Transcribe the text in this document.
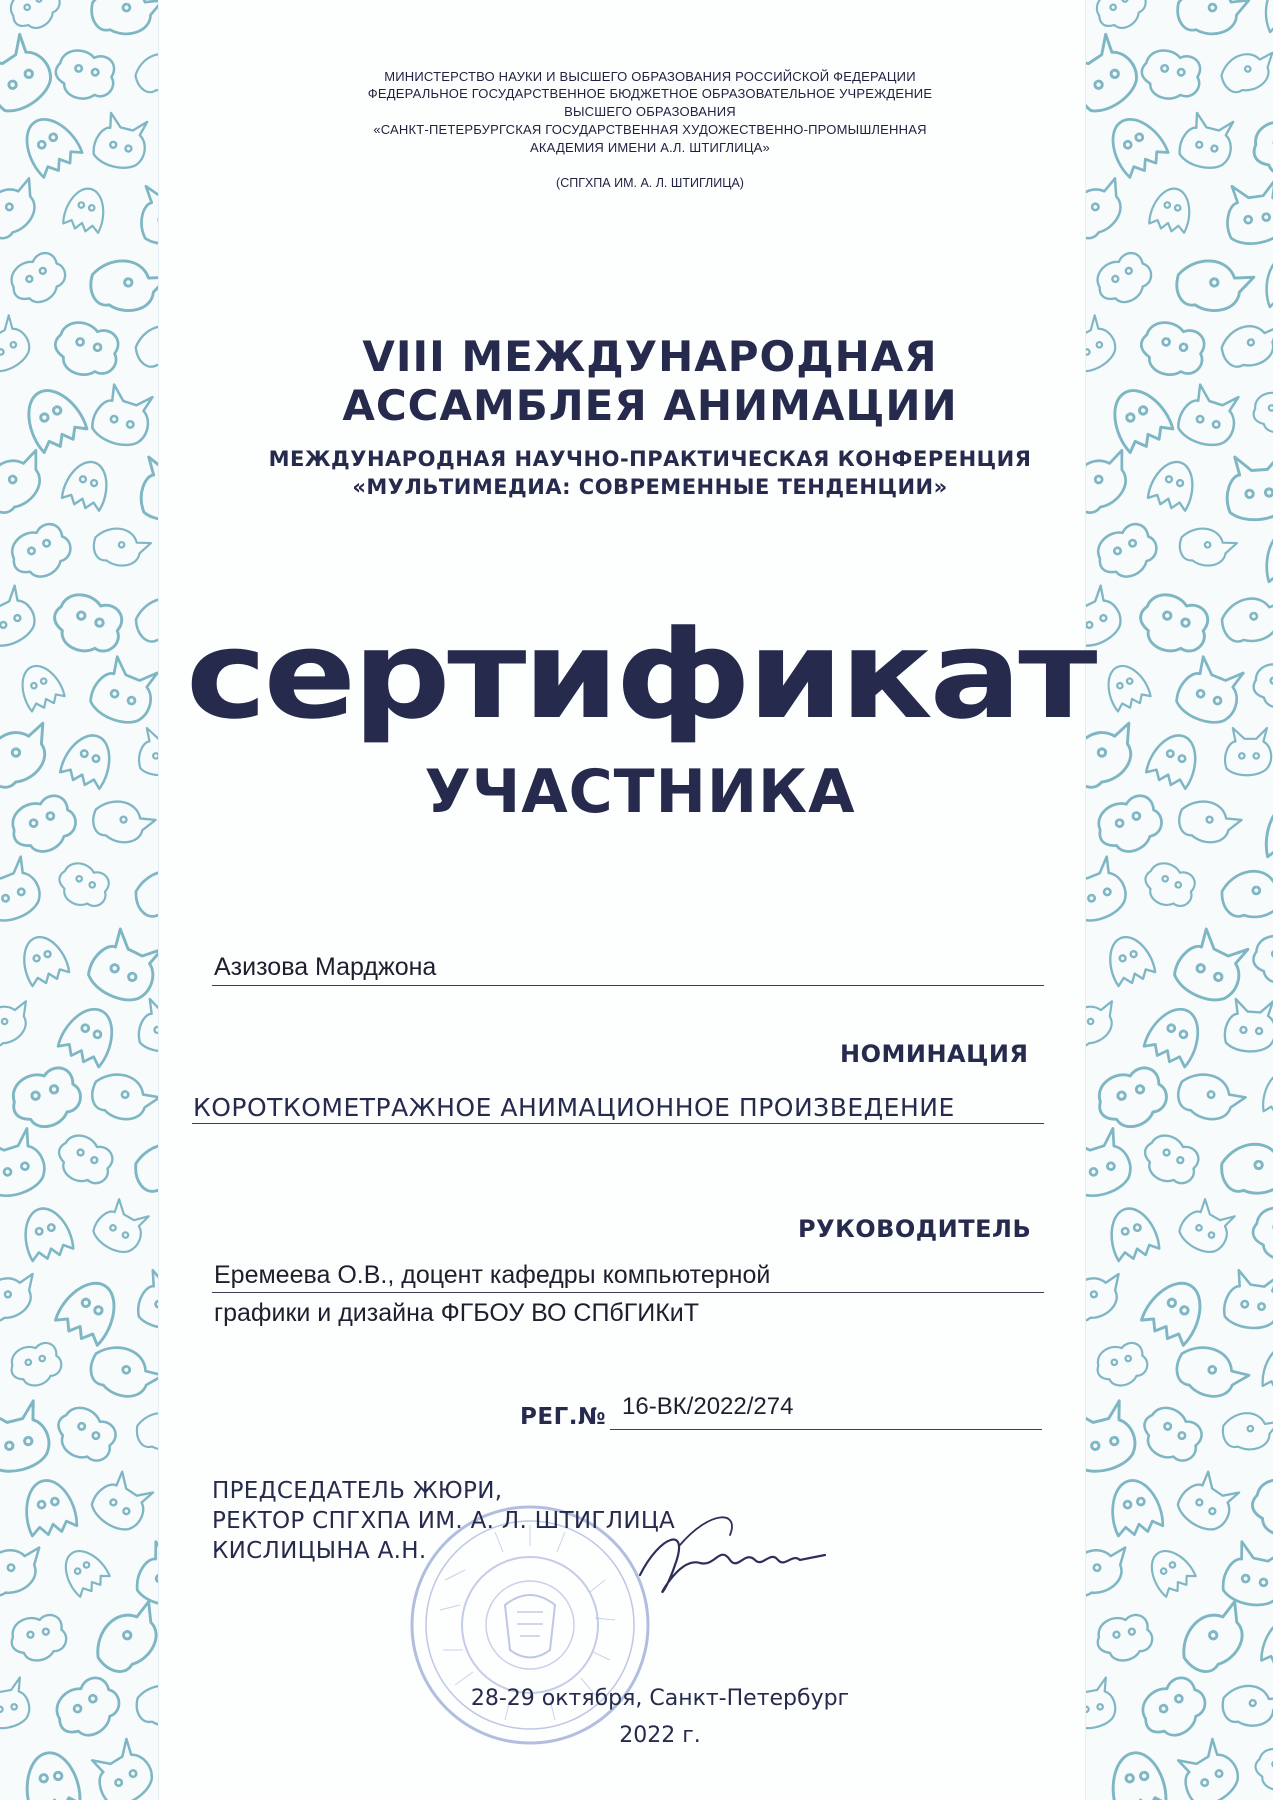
МИНИСТЕРСТВО НАУКИ И ВЫСШЕГО ОБРАЗОВАНИЯ РОССИЙСКОЙ ФЕДЕРАЦИИ
ФЕДЕРАЛЬНОЕ ГОСУДАРСТВЕННОЕ БЮДЖЕТНОЕ ОБРАЗОВАТЕЛЬНОЕ УЧРЕЖДЕНИЕ
ВЫСШЕГО ОБРАЗОВАНИЯ
«САНКТ-ПЕТЕРБУРГСКАЯ ГОСУДАРСТВЕННАЯ ХУДОЖЕСТВЕННО-ПРОМЫШЛЕННАЯ
АКАДЕМИЯ ИМЕНИ А.Л. ШТИГЛИЦА»
(СПГХПА ИМ. А. Л. ШТИГЛИЦА)
VIII МЕЖДУНАРОДНАЯ
АССАМБЛЕЯ АНИМАЦИИ
МЕЖДУНАРОДНАЯ НАУЧНО-ПРАКТИЧЕСКАЯ КОНФЕРЕНЦИЯ
«МУЛЬТИМЕДИА: СОВРЕМЕННЫЕ ТЕНДЕНЦИИ»
сертификат
УЧАСТНИКА
Азизова Марджона
НОМИНАЦИЯ
КОРОТКОМЕТРАЖНОЕ АНИМАЦИОННОЕ ПРОИЗВЕДЕНИЕ
РУКОВОДИТЕЛЬ
Еремеева О.В., доцент кафедры компьютерной
графики и дизайна ФГБОУ ВО СПбГИКиТ
РЕГ.№ 16-ВК/2022/274
ПРЕДСЕДАТЕЛЬ ЖЮРИ,
РЕКТОР СПГХПА ИМ. А. Л. ШТИГЛИЦА
КИСЛИЦЫНА А.Н.
28-29 октября, Санкт-Петербург
2022 г.
